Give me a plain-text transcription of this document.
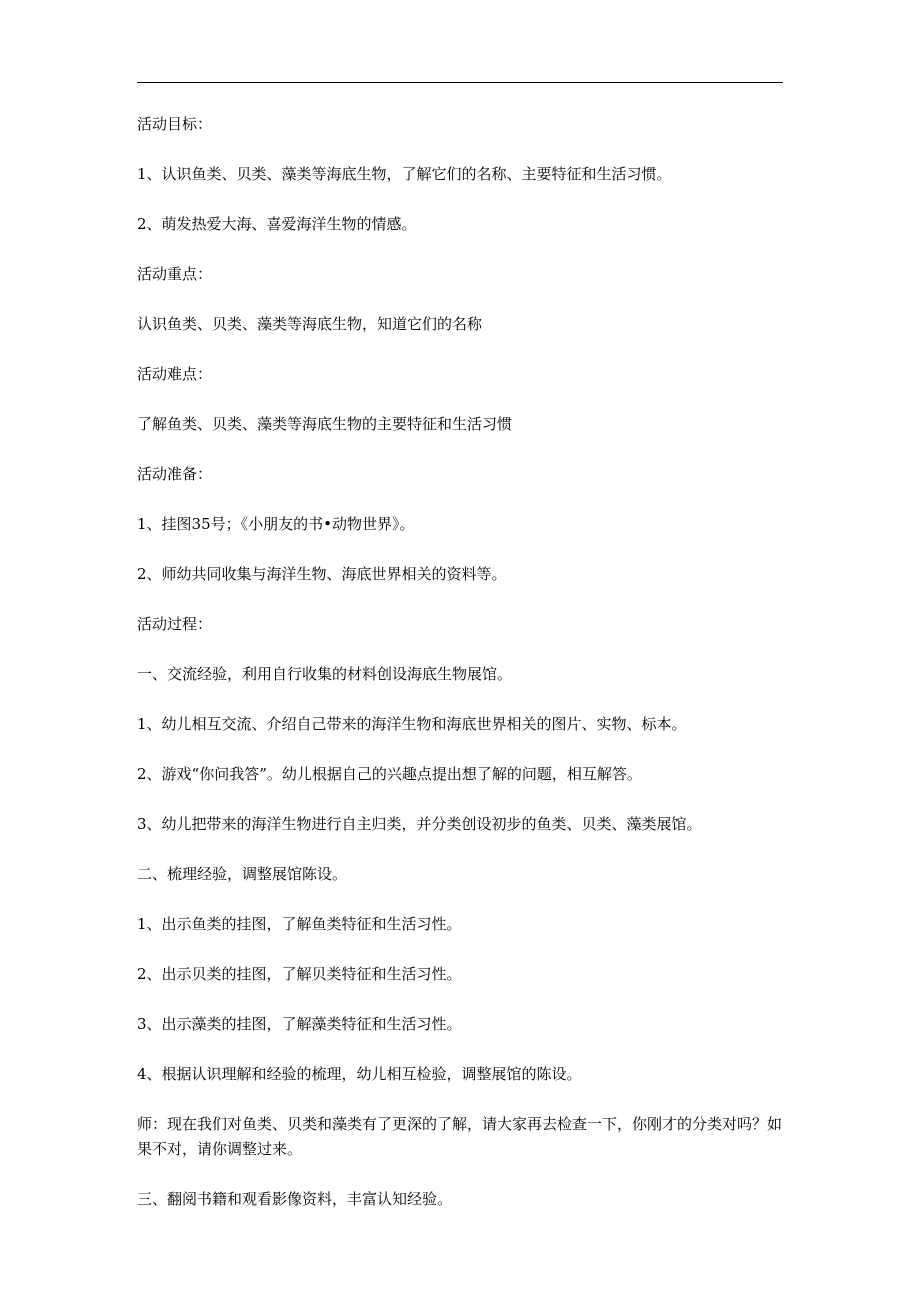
活动目标：

1、认识鱼类、贝类、藻类等海底生物，了解它们的名称、主要特征和生活习惯。

2、萌发热爱大海、喜爱海洋生物的情感。

活动重点：

认识鱼类、贝类、藻类等海底生物，知道它们的名称

活动难点：

了解鱼类、贝类、藻类等海底生物的主要特征和生活习惯

活动准备：

1、挂图35号；《小朋友的书•动物世界》。

2、师幼共同收集与海洋生物、海底世界相关的资料等。

活动过程：

一、交流经验，利用自行收集的材料创设海底生物展馆。

1、幼儿相互交流、介绍自己带来的海洋生物和海底世界相关的图片、实物、标本。

2、游戏“你问我答”。幼儿根据自己的兴趣点提出想了解的问题，相互解答。

3、幼儿把带来的海洋生物进行自主归类，并分类创设初步的鱼类、贝类、藻类展馆。

二、梳理经验，调整展馆陈设。

1、出示鱼类的挂图，了解鱼类特征和生活习性。

2、出示贝类的挂图，了解贝类特征和生活习性。

3、出示藻类的挂图，了解藻类特征和生活习性。

4、根据认识理解和经验的梳理，幼儿相互检验，调整展馆的陈设。

师：现在我们对鱼类、贝类和藻类有了更深的了解，请大家再去检查一下，你刚才的分类对吗？如果不对，请你调整过来。

三、翻阅书籍和观看影像资料，丰富认知经验。
